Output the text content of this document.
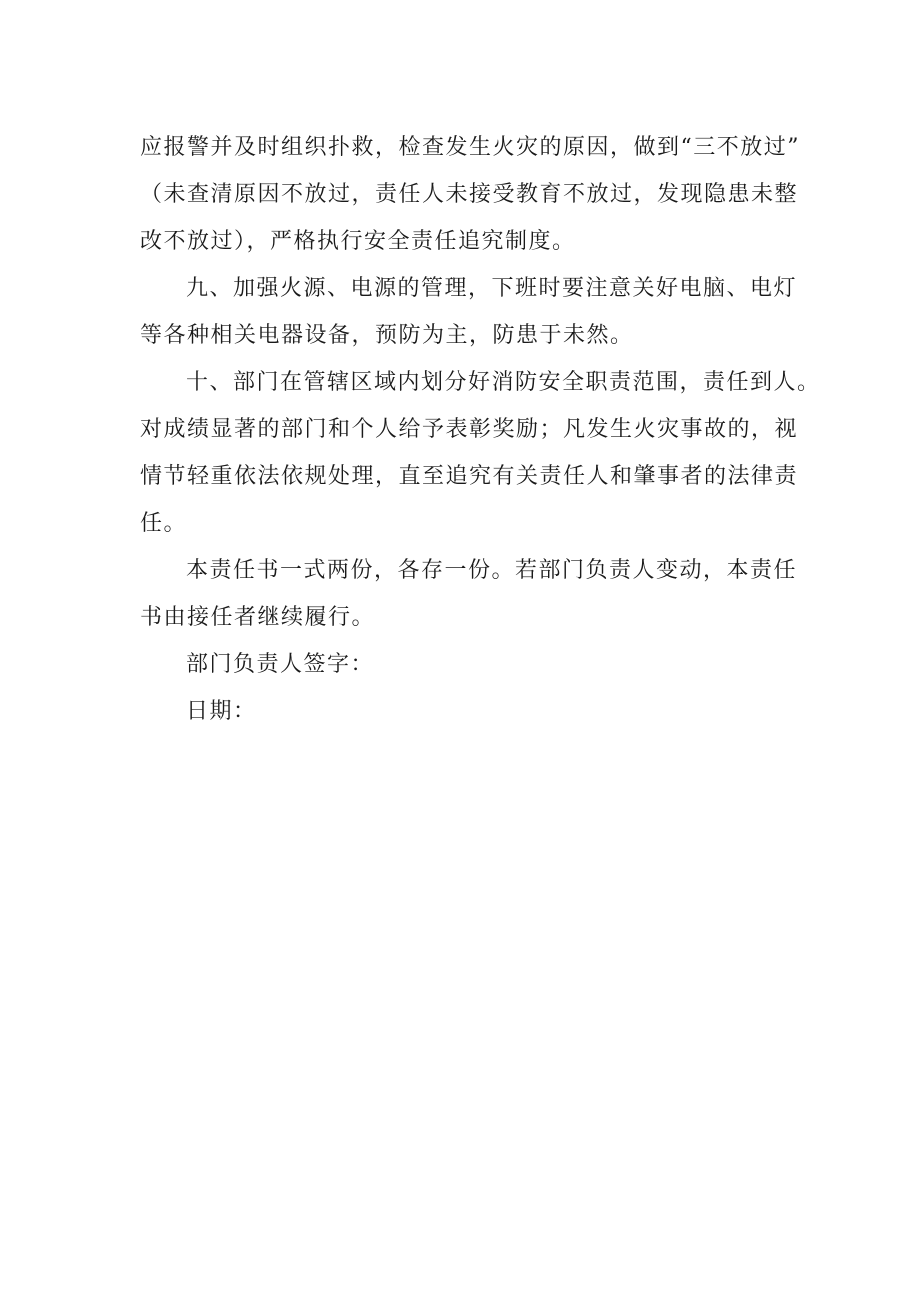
应报警并及时组织扑救，检查发生火灾的原因，做到“三不放过”
（未查清原因不放过，责任人未接受教育不放过，发现隐患未整
改不放过），严格执行安全责任追究制度。
九、加强火源、电源的管理，下班时要注意关好电脑、电灯
等各种相关电器设备，预防为主，防患于未然。
十、部门在管辖区域内划分好消防安全职责范围，责任到人。
对成绩显著的部门和个人给予表彰奖励；凡发生火灾事故的，视
情节轻重依法依规处理，直至追究有关责任人和肇事者的法律责
任。
本责任书一式两份，各存一份。若部门负责人变动，本责任
书由接任者继续履行。
部门负责人签字：
日期：
